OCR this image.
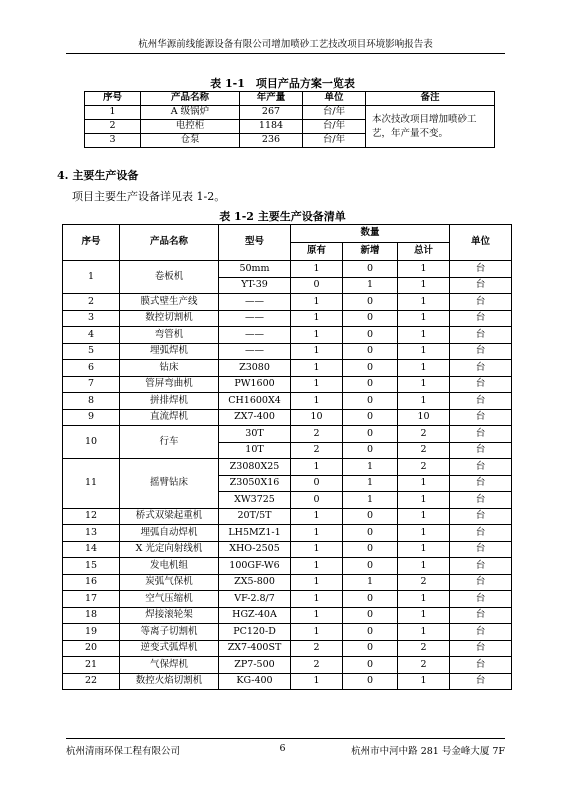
杭州华源前线能源设备有限公司增加喷砂工艺技改项目环境影响报告表
表 1-1　项目产品方案一览表
序号	产品名称	年产量	单位	备注
1	A 级锅炉	267	台/年	本次技改项目增加喷砂工艺，年产量不变。
2	电控柜	1184	台/年	
3	仓泵	236	台/年	
4. 主要生产设备
项目主要生产设备详见表 1-2。
表 1-2 主要生产设备清单
序号	产品名称	型号	数量			单位
			原有	新增	总计	
1	卷板机	50mm	1	0	1	台
		YT-39	0	1	1	台
2	膜式壁生产线	——	1	0	1	台
3	数控切割机	——	1	0	1	台
4	弯管机	——	1	0	1	台
5	埋弧焊机	——	1	0	1	台
6	钻床	Z3080	1	0	1	台
7	管屏弯曲机	PW1600	1	0	1	台
8	拼排焊机	CH1600X4	1	0	1	台
9	直流焊机	ZX7-400	10	0	10	台
10	行车	30T	2	0	2	台
		10T	2	0	2	台
11	摇臂钻床	Z3080X25	1	1	2	台
		Z3050X16	0	1	1	台
		XW3725	0	1	1	台
12	桥式双梁起重机	20T/5T	1	0	1	台
13	埋弧自动焊机	LH5MZ1-1	1	0	1	台
14	X 光定向射线机	XHO-2505	1	0	1	台
15	发电机组	100GF-W6	1	0	1	台
16	炭弧气保机	ZX5-800	1	1	2	台
17	空气压缩机	VF-2.8/7	1	0	1	台
18	焊接滚轮架	HGZ-40A	1	0	1	台
19	等离子切割机	PC120-D	1	0	1	台
20	逆变式弧焊机	ZX7-400ST	2	0	2	台
21	气保焊机	ZP7-500	2	0	2	台
22	数控火焰切割机	KG-400	1	0	1	台
杭州清雨环保工程有限公司	6	杭州市中河中路 281 号金峰大厦 7F
